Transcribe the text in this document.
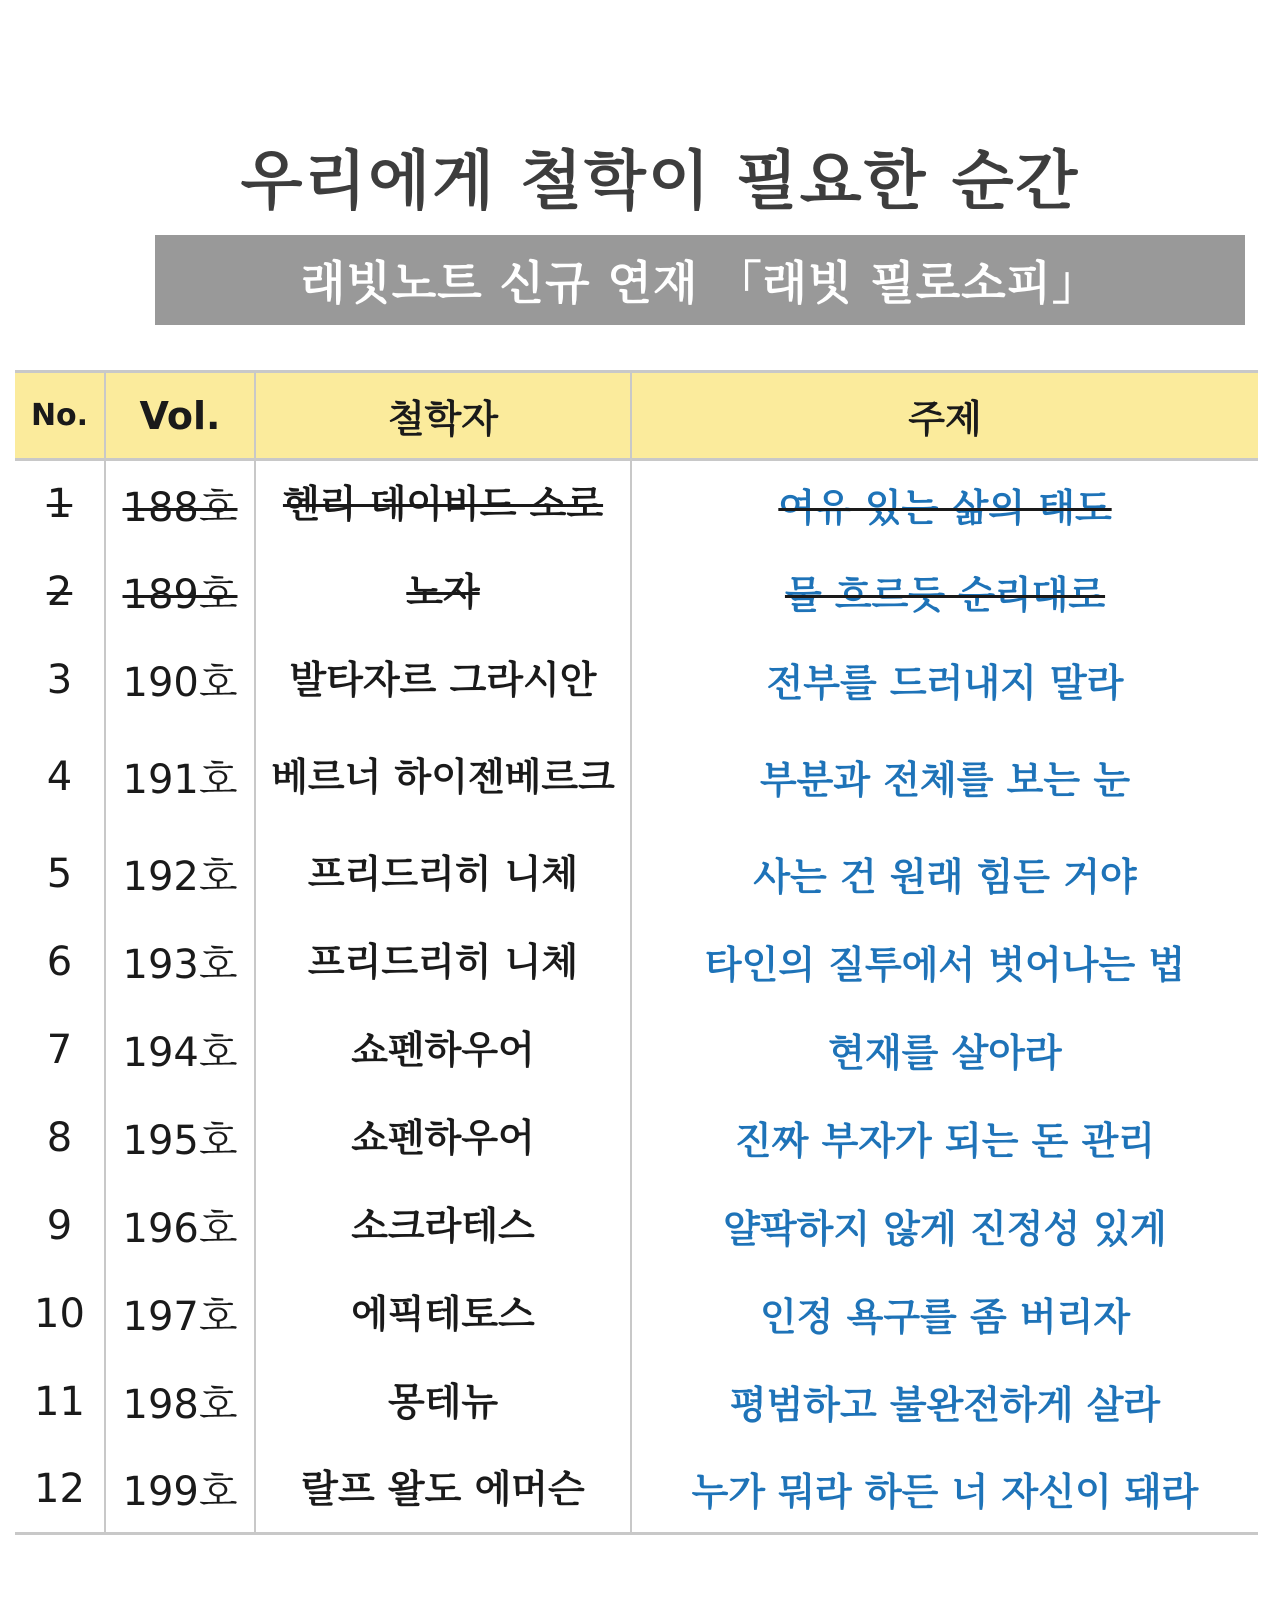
우리에게 철학이 필요한 순간
래빗노트 신규 연재 「래빗 필로소피」
No.	Vol.	철학자	주제
1	188호	헨리 데이비드 소로	여유 있는 삶의 태도
2	189호	노자	물 흐르듯 순리대로
3	190호	발타자르 그라시안	전부를 드러내지 말라
4	191호	베르너 하이젠베르크	부분과 전체를 보는 눈
5	192호	프리드리히 니체	사는 건 원래 힘든 거야
6	193호	프리드리히 니체	타인의 질투에서 벗어나는 법
7	194호	쇼펜하우어	현재를 살아라
8	195호	쇼펜하우어	진짜 부자가 되는 돈 관리
9	196호	소크라테스	얄팍하지 않게 진정성 있게
10	197호	에픽테토스	인정 욕구를 좀 버리자
11	198호	몽테뉴	평범하고 불완전하게 살라
12	199호	랄프 왈도 에머슨	누가 뭐라 하든 너 자신이 돼라
